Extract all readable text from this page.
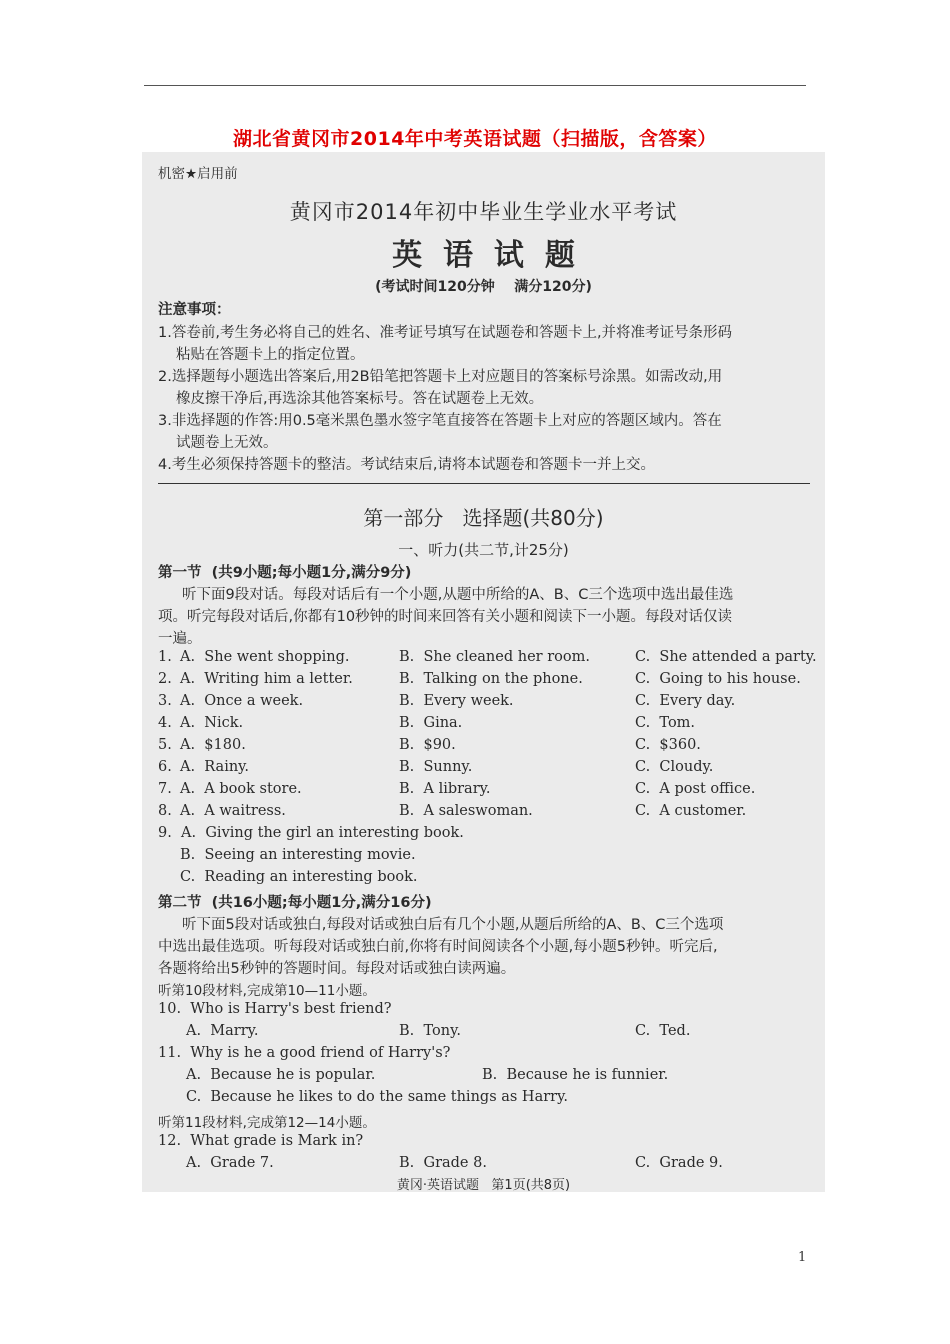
湖北省黄冈市2014年中考英语试题（扫描版，含答案）
机密★启用前
黄冈市2014年初中毕业生学业水平考试
英  语  试  题
(考试时间120分钟    满分120分)
注意事项：
1.答卷前,考生务必将自己的姓名、准考证号填写在试题卷和答题卡上,并将准考证号条形码
粘贴在答题卡上的指定位置。
2.选择题每小题选出答案后,用2B铅笔把答题卡上对应题目的答案标号涂黑。如需改动,用
橡皮擦干净后,再选涂其他答案标号。答在试题卷上无效。
3.非选择题的作答:用0.5毫米黑色墨水签字笔直接答在答题卡上对应的答题区域内。答在
试题卷上无效。
4.考生必须保持答题卡的整洁。考试结束后,请将本试题卷和答题卡一并上交。
第一部分   选择题(共80分)
一、听力(共二节,计25分)
第一节  (共9小题;每小题1分,满分9分)
听下面9段对话。每段对话后有一个小题,从题中所给的A、B、C三个选项中选出最佳选
项。听完每段对话后,你都有10秒钟的时间来回答有关小题和阅读下一小题。每段对话仅读
一遍。
1. A.  She went shopping.	B.  She cleaned her room.	C.  She attended a party.
2. A.  Writing him a letter.	B.  Talking on the phone.	C.  Going to his house.
3. A.  Once a week.	B.  Every week.	C.  Every day.
4. A.  Nick.	B.  Gina.	C.  Tom.
5. A.  $180.	B.  $90.	C.  $360.
6. A.  Rainy.	B.  Sunny.	C.  Cloudy.
7. A.  A book store.	B.  A library.	C.  A post office.
8. A.  A waitress.	B.  A saleswoman.	C.  A customer.
9.  A.  Giving the girl an interesting book.
B.  Seeing an interesting movie.
C.  Reading an interesting book.
第二节  (共16小题;每小题1分,满分16分)
听下面5段对话或独白,每段对话或独白后有几个小题,从题后所给的A、B、C三个选项
中选出最佳选项。听每段对话或独白前,你将有时间阅读各个小题,每小题5秒钟。听完后,
各题将给出5秒钟的答题时间。每段对话或独白读两遍。
听第10段材料,完成第10—11小题。
10.  Who is Harry's best friend?
A.  Marry.	B.  Tony.	C.  Ted.
11.  Why is he a good friend of Harry's?
A.  Because he is popular.	B.  Because he is funnier.
C.  Because he likes to do the same things as Harry.
听第11段材料,完成第12—14小题。
12.  What grade is Mark in?
A.  Grade 7.	B.  Grade 8.	C.  Grade 9.
黄冈·英语试题   第1页(共8页)
1
